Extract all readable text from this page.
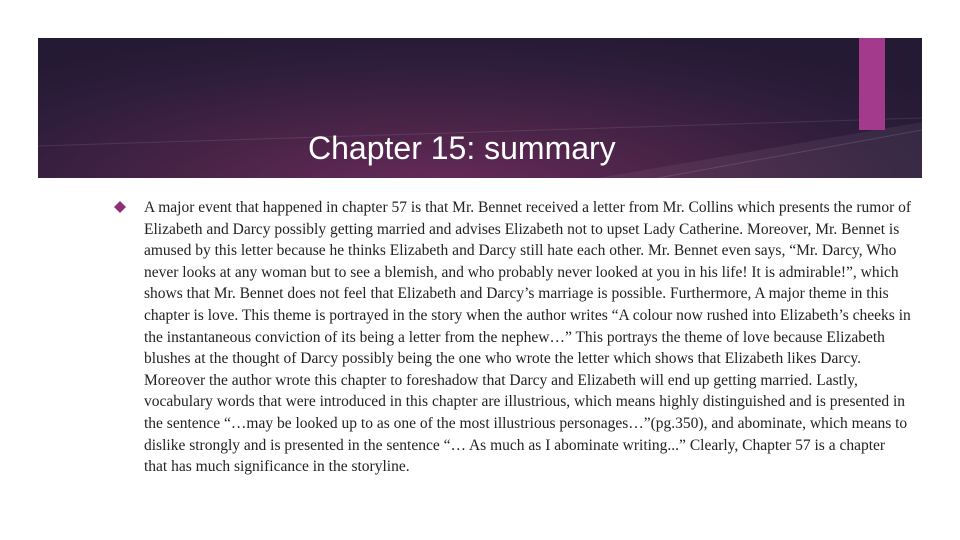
Chapter 15: summary

A major event that happened in chapter 57 is that Mr. Bennet received a letter from Mr. Collins which presents the rumor of Elizabeth and Darcy possibly getting married and advises Elizabeth not to upset Lady Catherine. Moreover, Mr. Bennet is amused by this letter because he thinks Elizabeth and Darcy still hate each other. Mr. Bennet even says, “Mr. Darcy, Who never looks at any woman but to see a blemish, and who probably never looked at you in his life! It is admirable!”, which shows that Mr. Bennet does not feel that Elizabeth and Darcy’s marriage is possible. Furthermore, A major theme in this chapter is love. This theme is portrayed in the story when the author writes “A colour now rushed into Elizabeth’s cheeks in the instantaneous conviction of its being a letter from the nephew…” This portrays the theme of love because Elizabeth blushes at the thought of Darcy possibly being the one who wrote the letter which shows that Elizabeth likes Darcy. Moreover the author wrote this chapter to foreshadow that Darcy and Elizabeth will end up getting married. Lastly, vocabulary words that were introduced in this chapter are illustrious, which means highly distinguished and is presented in the sentence “…may be looked up to as one of the most illustrious personages…”(pg.350), and abominate, which means to dislike strongly and is presented in the sentence “… As much as I abominate writing...” Clearly, Chapter 57 is a chapter that has much significance in the storyline.
